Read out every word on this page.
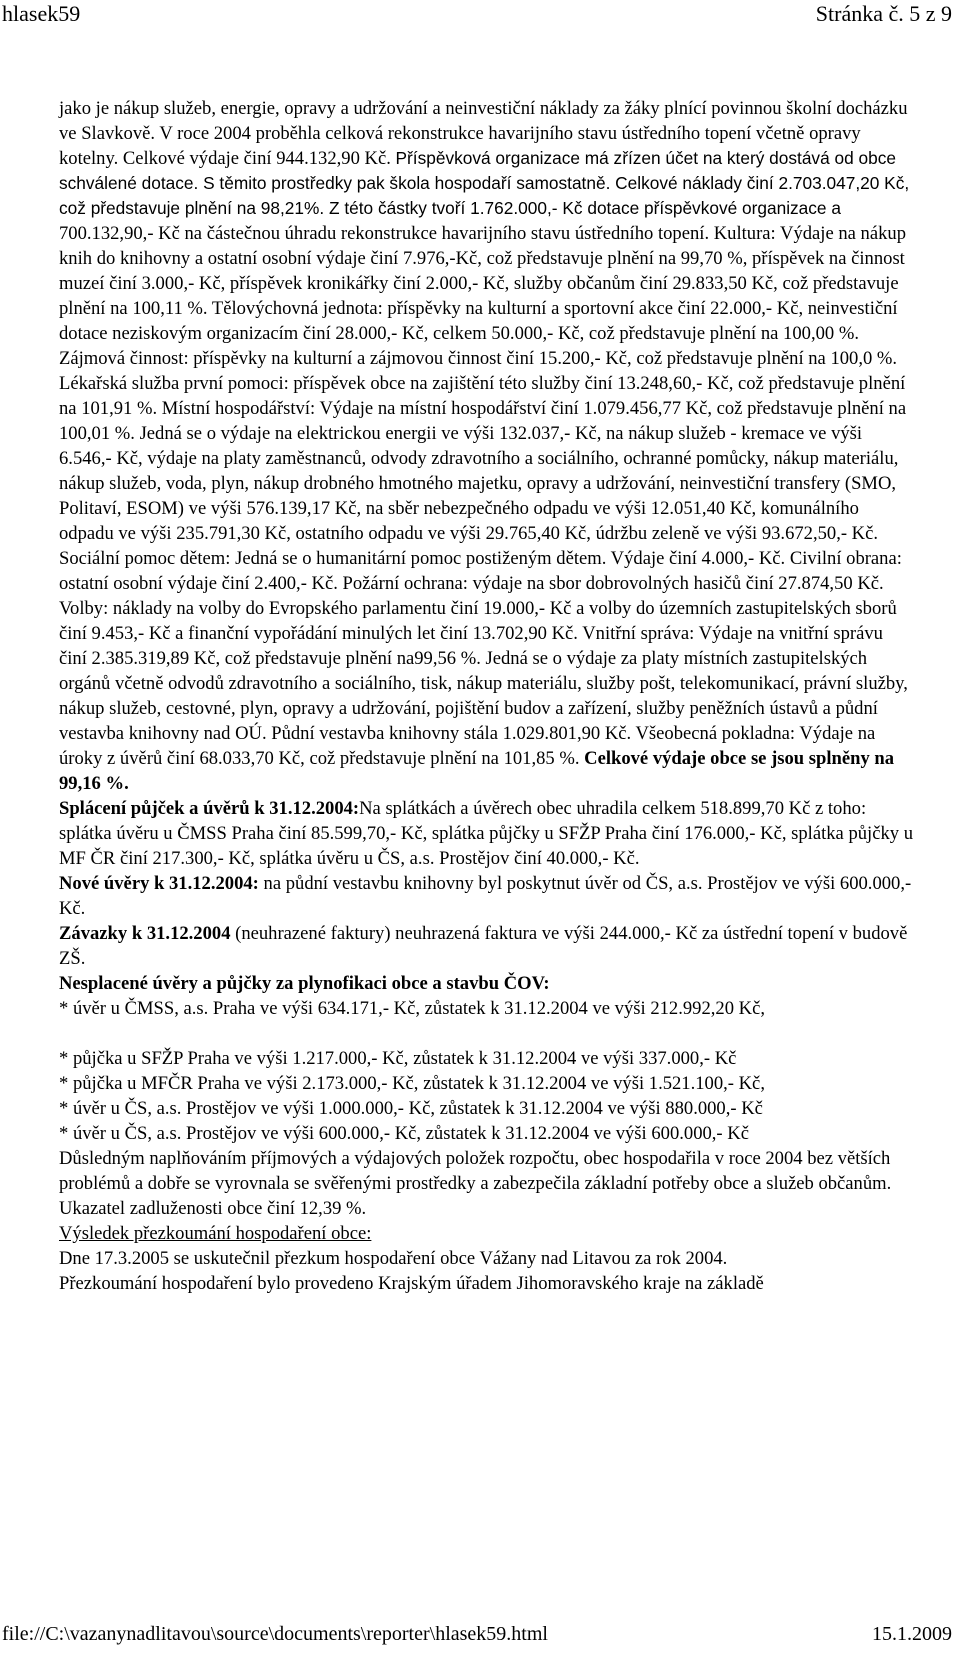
hlasek59	Stránka č. 5 z 9

jako je nákup služeb, energie, opravy a udržování a neinvestiční náklady za žáky plnící povinnou školní docházku ve Slavkově. V roce 2004 proběhla celková rekonstrukce havarijního stavu ústředního topení včetně opravy kotelny. Celkové výdaje činí 944.132,90 Kč. Příspěvková organizace má zřízen účet na který dostává od obce schválené dotace. S těmito prostředky pak škola hospodaří samostatně. Celkové náklady činí 2.703.047,20 Kč, což představuje plnění na 98,21%. Z této částky tvoří 1.762.000,- Kč dotace příspěvkové organizace a 700.132,90,- Kč na částečnou úhradu rekonstrukce havarijního stavu ústředního topení. Kultura: Výdaje na nákup knih do knihovny a ostatní osobní výdaje činí 7.976,-Kč, což představuje plnění na 99,70 %, příspěvek na činnost muzeí činí 3.000,- Kč, příspěvek kronikářky činí 2.000,- Kč, služby občanům činí 29.833,50 Kč, což představuje plnění na 100,11 %. Tělovýchovná jednota: příspěvky na kulturní a sportovní akce činí 22.000,- Kč, neinvestiční dotace neziskovým organizacím činí 28.000,- Kč, celkem 50.000,- Kč, což představuje plnění na 100,00 %. Zájmová činnost: příspěvky na kulturní a zájmovou činnost činí 15.200,- Kč, což představuje plnění na 100,0 %. Lékařská služba první pomoci: příspěvek obce na zajištění této služby činí 13.248,60,- Kč, což představuje plnění na 101,91 %. Místní hospodářství: Výdaje na místní hospodářství činí 1.079.456,77 Kč, což představuje plnění na 100,01 %. Jedná se o výdaje na elektrickou energii ve výši 132.037,- Kč, na nákup služeb - kremace ve výši 6.546,- Kč, výdaje na platy zaměstnanců, odvody zdravotního a sociálního, ochranné pomůcky, nákup materiálu, nákup služeb, voda, plyn, nákup drobného hmotného majetku, opravy a udržování, neinvestiční transfery (SMO, Politaví, ESOM) ve výši 576.139,17 Kč, na sběr nebezpečného odpadu ve výši 12.051,40 Kč, komunálního odpadu ve výši 235.791,30 Kč, ostatního odpadu ve výši 29.765,40 Kč, údržbu zeleně ve výši 93.672,50,- Kč. Sociální pomoc dětem: Jedná se o humanitární pomoc postiženým dětem. Výdaje činí 4.000,- Kč. Civilní obrana: ostatní osobní výdaje činí 2.400,- Kč. Požární ochrana: výdaje na sbor dobrovolných hasičů činí 27.874,50 Kč. Volby: náklady na volby do Evropského parlamentu činí 19.000,- Kč a volby do územních zastupitelských sborů činí 9.453,- Kč a finanční vypořádání minulých let činí 13.702,90 Kč. Vnitřní správa: Výdaje na vnitřní správu činí 2.385.319,89 Kč, což představuje plnění na99,56 %. Jedná se o výdaje za platy místních zastupitelských orgánů včetně odvodů zdravotního a sociálního, tisk, nákup materiálu, služby pošt, telekomunikací, právní služby, nákup služeb, cestovné, plyn, opravy a udržování, pojištění budov a zařízení, služby peněžních ústavů a půdní vestavba knihovny nad OÚ. Půdní vestavba knihovny stála 1.029.801,90 Kč. Všeobecná pokladna: Výdaje na úroky z úvěrů činí 68.033,70 Kč, což představuje plnění na 101,85 %. Celkové výdaje obce se jsou splněny na 99,16 %.

Splácení půjček a úvěrů k 31.12.2004:Na splátkách a úvěrech obec uhradila celkem 518.899,70 Kč z toho: splátka úvěru u ČMSS Praha činí 85.599,70,- Kč, splátka půjčky u SFŽP Praha činí 176.000,- Kč, splátka půjčky u MF ČR činí 217.300,- Kč, splátka úvěru u ČS, a.s. Prostějov činí 40.000,- Kč.

Nové úvěry k 31.12.2004: na půdní vestavbu knihovny byl poskytnut úvěr od ČS, a.s. Prostějov ve výši 600.000,- Kč.

Závazky k 31.12.2004 (neuhrazené faktury) neuhrazená faktura ve výši 244.000,- Kč za ústřední topení v budově ZŠ.

Nesplacené úvěry a půjčky za plynofikaci obce a stavbu ČOV:

* úvěr u ČMSS, a.s. Praha ve výši 634.171,- Kč, zůstatek k 31.12.2004 ve výši 212.992,20 Kč,

* půjčka u SFŽP Praha ve výši 1.217.000,- Kč, zůstatek k 31.12.2004 ve výši 337.000,- Kč

* půjčka u MFČR Praha ve výši 2.173.000,- Kč, zůstatek k 31.12.2004 ve výši 1.521.100,- Kč,

* úvěr u ČS, a.s. Prostějov ve výši 1.000.000,- Kč, zůstatek k 31.12.2004 ve výši 880.000,- Kč

* úvěr u ČS, a.s. Prostějov ve výši 600.000,- Kč, zůstatek k 31.12.2004 ve výši 600.000,- Kč

Důsledným naplňováním příjmových a výdajových položek rozpočtu, obec hospodařila v roce 2004 bez větších problémů a dobře se vyrovnala se svěřenými prostředky a zabezpečila základní potřeby obce a služeb občanům. Ukazatel zadluženosti obce činí 12,39 %.

Výsledek přezkoumání hospodaření obce:

Dne 17.3.2005 se uskutečnil přezkum hospodaření obce Vážany nad Litavou za rok 2004.

Přezkoumání hospodaření bylo provedeno Krajským úřadem Jihomoravského kraje na základě

file://C:\vazanynadlitavou\source\documents\reporter\hlasek59.html	15.1.2009
